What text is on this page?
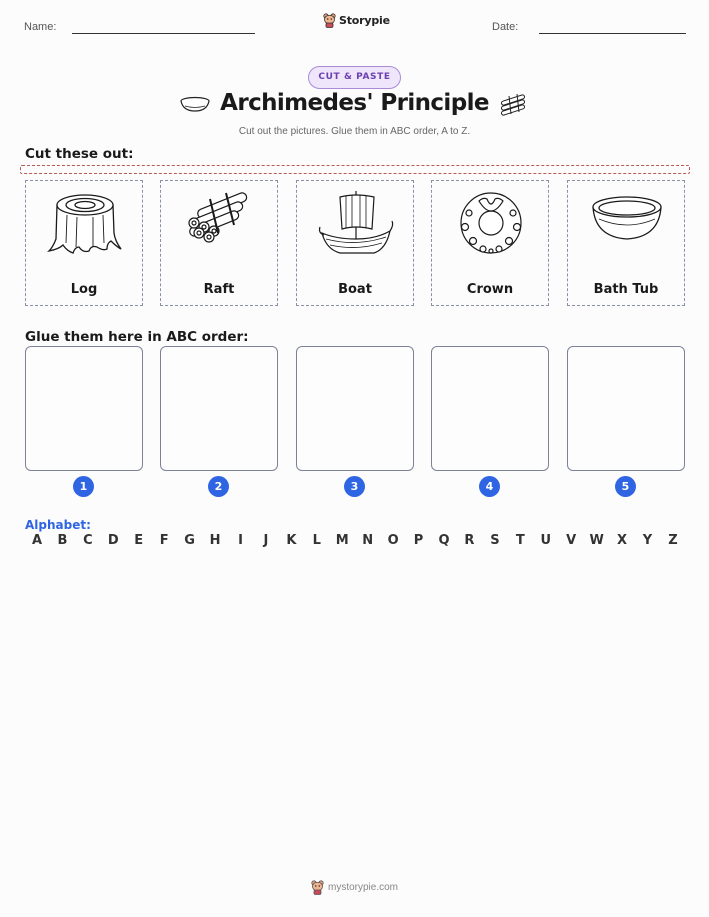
Name:	Storypie	Date:
CUT & PASTE
Archimedes' Principle
Cut out the pictures. Glue them in ABC order, A to Z.
Cut these out:
Log	Raft	Boat	Crown	Bath Tub
Glue them here in ABC order:
1	2	3	4	5
Alphabet:
A	B	C	D	E	F	G	H	I	J	K	L	M	N	O	P	Q	R	S	T	U	V	W	X	Y	Z
mystorypie.com
